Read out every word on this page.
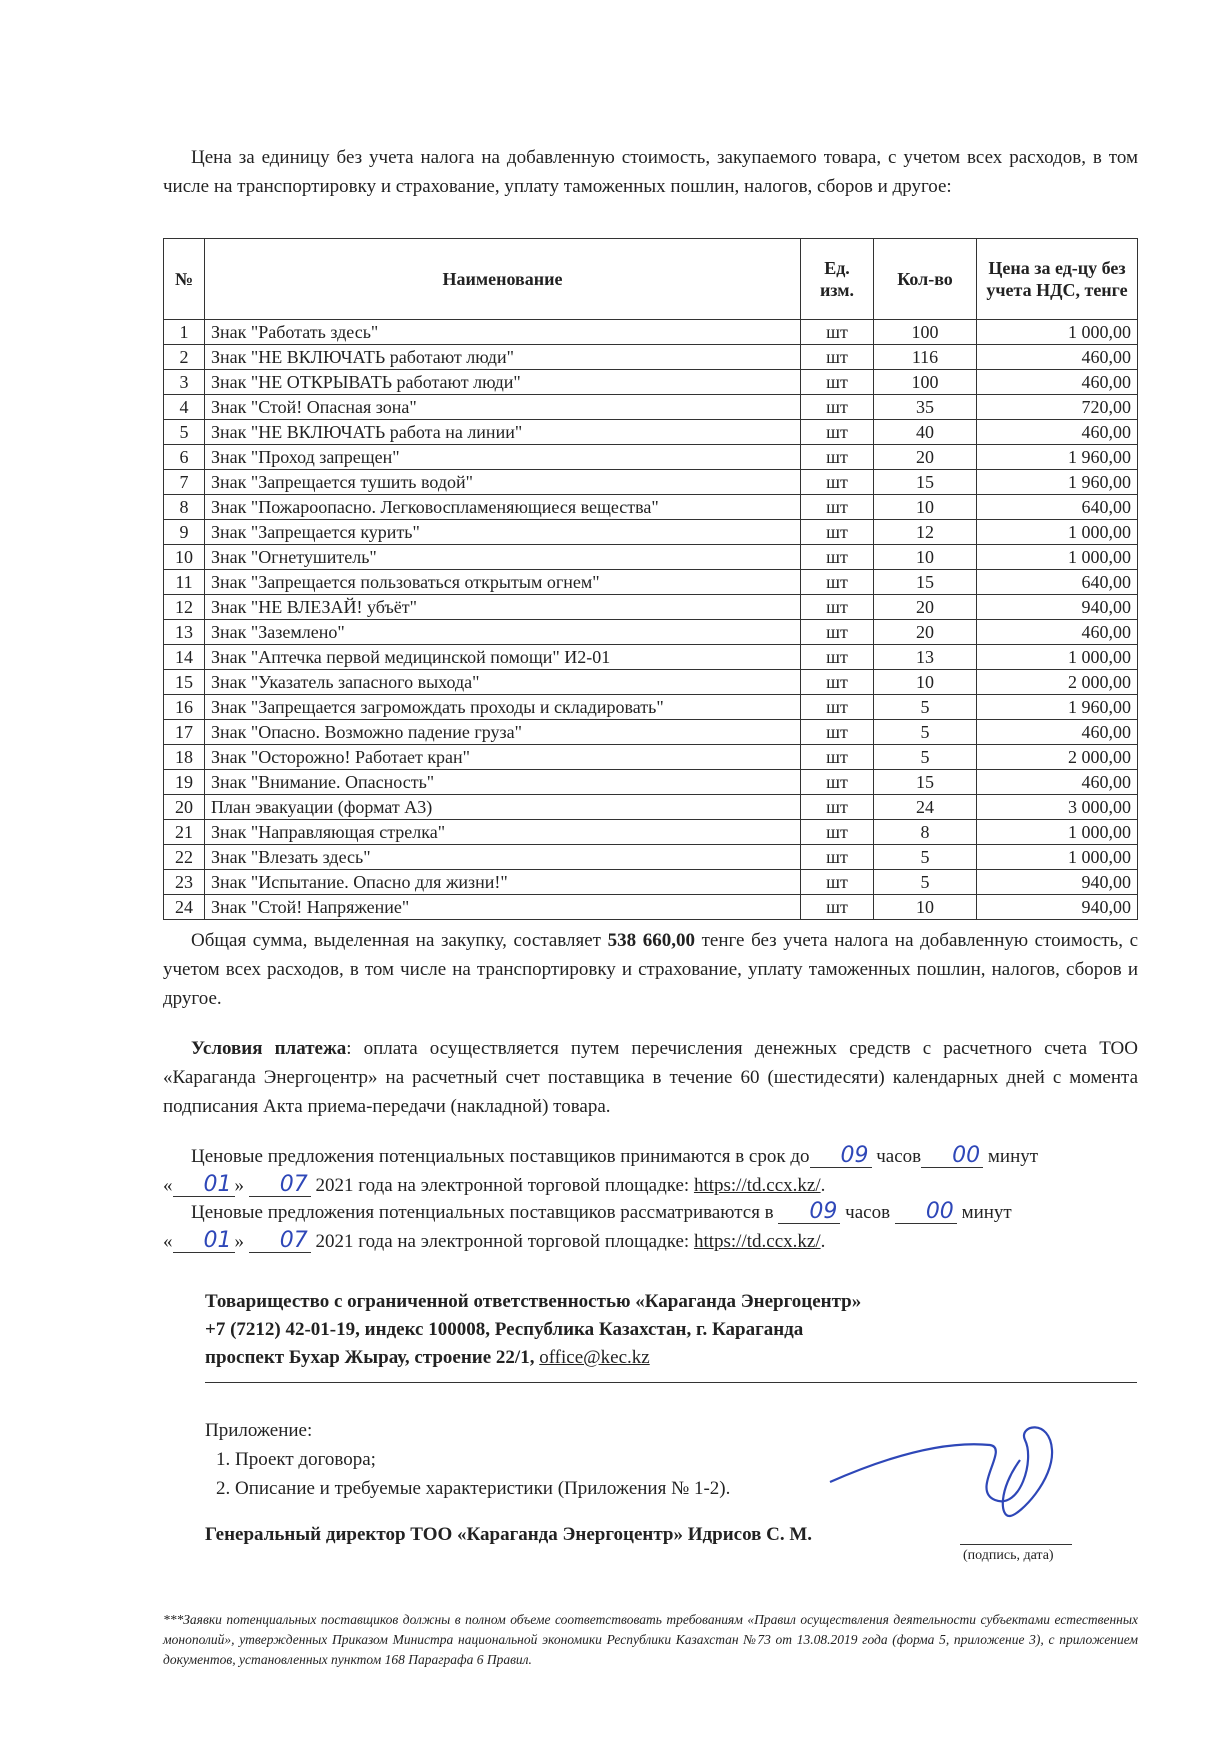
Цена за единицу без учета налога на добавленную стоимость, закупаемого товара, с учетом всех расходов, в том числе на транспортировку и страхование, уплату таможенных пошлин, налогов, сборов и другое:
№	Наименование	Ед. изм.	Кол-во	Цена за ед-цу без учета НДС, тенге
1	Знак "Работать здесь"	шт	100	1 000,00
2	Знак "НЕ ВКЛЮЧАТЬ работают люди"	шт	116	460,00
3	Знак "НЕ ОТКРЫВАТЬ работают люди"	шт	100	460,00
4	Знак "Стой! Опасная зона"	шт	35	720,00
5	Знак "НЕ ВКЛЮЧАТЬ работа на линии"	шт	40	460,00
6	Знак "Проход запрещен"	шт	20	1 960,00
7	Знак "Запрещается тушить водой"	шт	15	1 960,00
8	Знак "Пожароопасно. Легковоспламеняющиеся вещества"	шт	10	640,00
9	Знак "Запрещается курить"	шт	12	1 000,00
10	Знак "Огнетушитель"	шт	10	1 000,00
11	Знак "Запрещается пользоваться открытым огнем"	шт	15	640,00
12	Знак "НЕ ВЛЕЗАЙ! убъёт"	шт	20	940,00
13	Знак "Заземлено"	шт	20	460,00
14	Знак "Аптечка первой медицинской помощи" И2-01	шт	13	1 000,00
15	Знак "Указатель запасного выхода"	шт	10	2 000,00
16	Знак "Запрещается загромождать проходы и складировать"	шт	5	1 960,00
17	Знак "Опасно. Возможно падение груза"	шт	5	460,00
18	Знак "Осторожно! Работает кран"	шт	5	2 000,00
19	Знак "Внимание. Опасность"	шт	15	460,00
20	План эвакуации (формат А3)	шт	24	3 000,00
21	Знак "Направляющая стрелка"	шт	8	1 000,00
22	Знак "Влезать здесь"	шт	5	1 000,00
23	Знак "Испытание. Опасно для жизни!"	шт	5	940,00
24	Знак "Стой! Напряжение"	шт	10	940,00
Общая сумма, выделенная на закупку, составляет 538 660,00 тенге без учета налога на добавленную стоимость, с учетом всех расходов, в том числе на транспортировку и страхование, уплату таможенных пошлин, налогов, сборов и другое.
Условия платежа: оплата осуществляется путем перечисления денежных средств с расчетного счета ТОО «Караганда Энергоцентр» на расчетный счет поставщика в течение 60 (шестидесяти) календарных дней с момента подписания Акта приема-передачи (накладной) товара.
Ценовые предложения потенциальных поставщиков принимаются в срок до 09 часов 00 минут
« 01 » 07 2021 года на электронной торговой площадке: https://td.ccx.kz/.
Ценовые предложения потенциальных поставщиков рассматриваются в 09 часов 00 минут
« 01 » 07 2021 года на электронной торговой площадке: https://td.ccx.kz/.
Товарищество с ограниченной ответственностью «Караганда Энергоцентр»
+7 (7212) 42-01-19, индекс 100008, Республика Казахстан, г. Караганда
проспект Бухар Жырау, строение 22/1, office@kec.kz
Приложение:
1. Проект договора;
2. Описание и требуемые характеристики (Приложения № 1-2).
Генеральный директор ТОО «Караганда Энергоцентр» Идрисов С. М.
(подпись, дата)
***Заявки потенциальных поставщиков должны в полном объеме соответствовать требованиям «Правил осуществления деятельности субъектами естественных монополий», утвержденных Приказом Министра национальной экономики Республики Казахстан №73 от 13.08.2019 года (форма 5, приложение 3), с приложением документов, установленных пунктом 168 Параграфа 6 Правил.
